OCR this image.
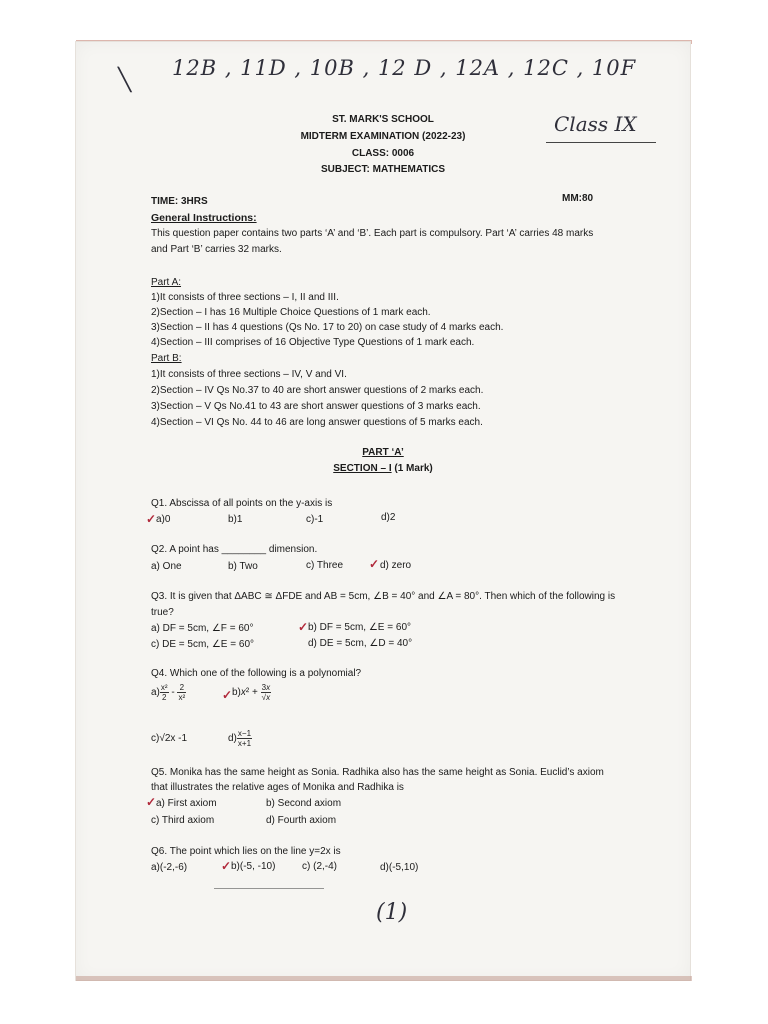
╲ 12B , 11D , 10B , 12 D , 12A , 12C , 10F
Class IX
ST. MARK'S SCHOOL
MIDTERM EXAMINATION (2022-23)
CLASS: 0006
SUBJECT: MATHEMATICS
TIME: 3HRS	MM:80
General Instructions:
This question paper contains two parts ‘A’ and ‘B’. Each part is compulsory. Part ‘A’ carries 48 marks
and Part ‘B’ carries 32 marks.
Part A:
1)It consists of three sections – I, II and III.
2)Section – I has 16 Multiple Choice Questions of 1 mark each.
3)Section – II has 4 questions (Qs No. 17 to 20) on case study of 4 marks each.
4)Section – III comprises of 16 Objective Type Questions of 1 mark each.
Part B:
1)It consists of three sections – IV, V and VI.
2)Section – IV Qs No.37 to 40 are short answer questions of 2 marks each.
3)Section – V Qs No.41 to 43 are short answer questions of 3 marks each.
4)Section – VI Qs No. 44 to 46 are long answer questions of 5 marks each.
PART ‘A’
SECTION – I (1 Mark)
Q1. Abscissa of all points on the y-axis is
✓ a)0	b)1	c)-1	d)2
Q2. A point has ________ dimension.
a) One	b) Two	c) Three ✓ d) zero
Q3. It is given that ΔABC ≅ ΔFDE and AB = 5cm, ∠B = 40° and ∠A = 80°. Then which of the following is
true?
a) DF = 5cm, ∠F = 60°	✓ b) DF = 5cm, ∠E = 60°
c) DE = 5cm, ∠E = 60°	d) DE = 5cm, ∠D = 40°
Q4. Which one of the following is a polynomial?
$a) \frac{\text{x²}}{2} - \frac{2}{\text{x²}}$	✓ $b)x^2 + \frac{3x}{√x}$
c)√2x -1	$d) \frac{x-1}{x+1}$
Q5. Monika has the same height as Sonia. Radhika also has the same height as Sonia. Euclid’s axiom
that illustrates the relative ages of Monika and Radhika is
✓ a) First axiom	b) Second axiom
c) Third axiom	d) Fourth axiom
Q6. The point which lies on the line y=2x is
a)(-2,-6)	✓ b)(-5, -10)	c) (2,-4)	d)(-5,10)
(1)
